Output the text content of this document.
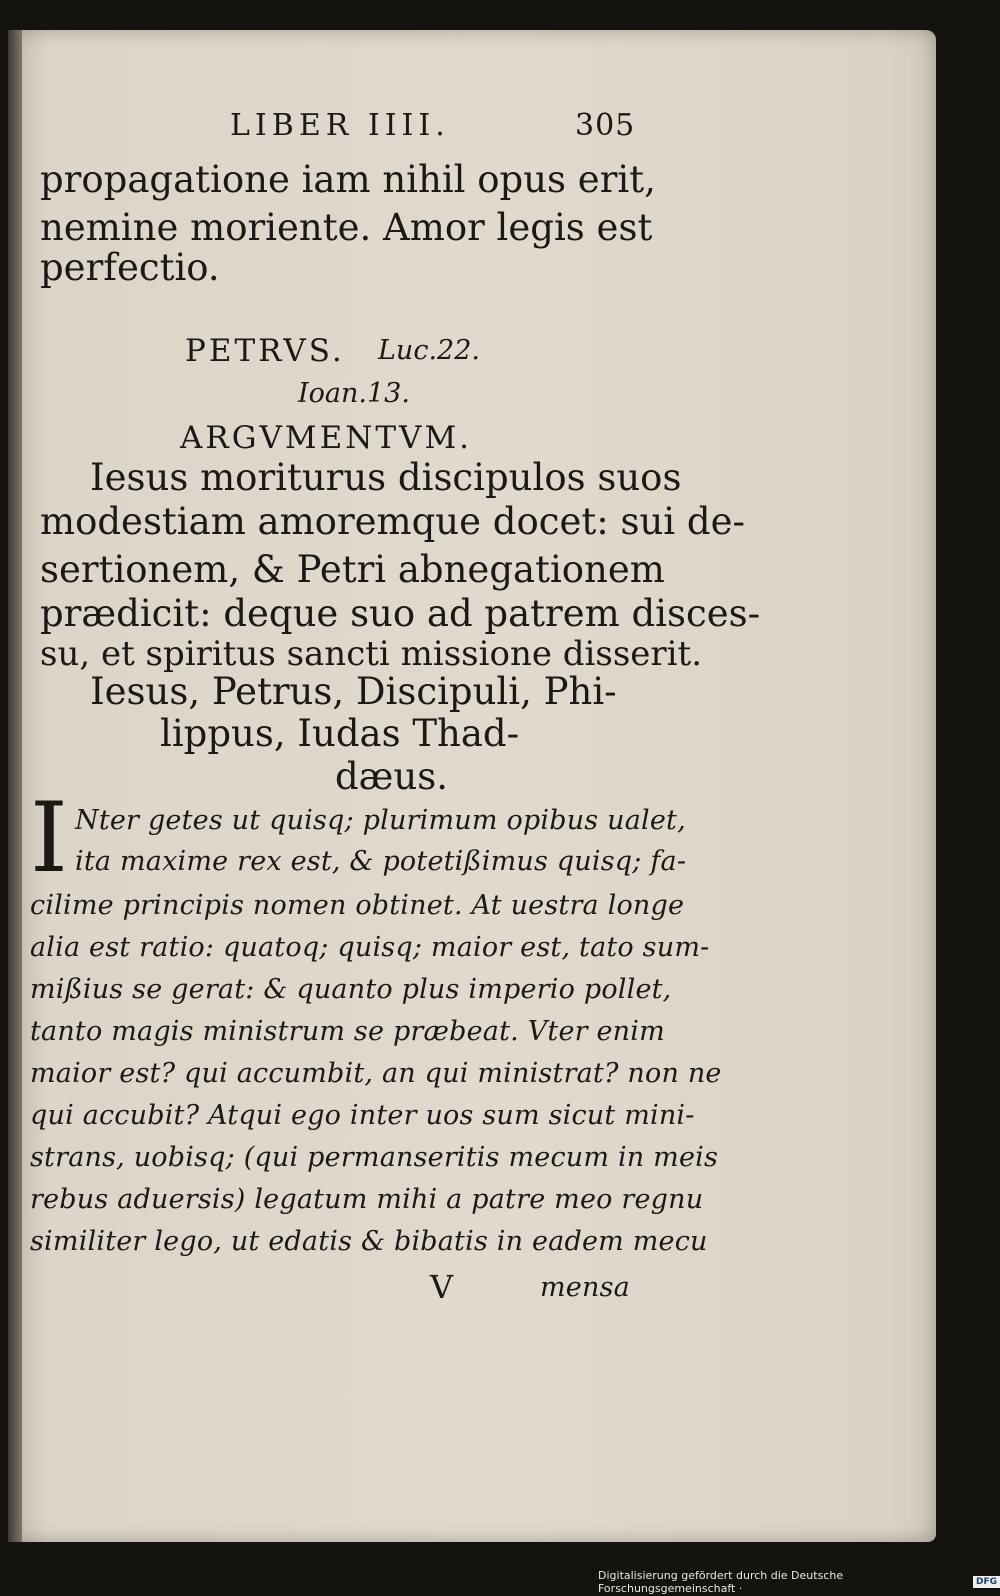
LIBER IIII.	305
propagatione iam nihil opus erit,
nemine moriente. Amor legis est
perfectio.
PETRVS. Luc.22.
Ioan.13.
ARGVMENTVM.
Iesus moriturus discipulos suos
modestiam amoremque docet: sui de-
sertionem, & Petri abnegationem
prædicit: deque suo ad patrem disces-
su, et spiritus sancti missione disserit.
Iesus, Petrus, Discipuli, Phi-
lippus, Iudas Thad-
dæus.
I Nter getes ut quisq; plurimum opibus ualet,
ita maxime rex est, & potetißimus quisq; fa-
cilime principis nomen obtinet. At uestra longe
alia est ratio: quatoq; quisq; maior est, tato sum-
mißius se gerat: & quanto plus imperio pollet,
tanto magis ministrum se præbeat. Vter enim
maior est? qui accumbit, an qui ministrat? non ne
qui accubit? Atqui ego inter uos sum sicut mini-
strans, uobisq; (qui permanseritis mecum in meis
rebus aduersis) legatum mihi a patre meo regnu
similiter lego, ut edatis & bibatis in eadem mecu
V	mensa
Digitalisierung gefördert durch die Deutsche Forschungsgemeinschaft ·	DFG
